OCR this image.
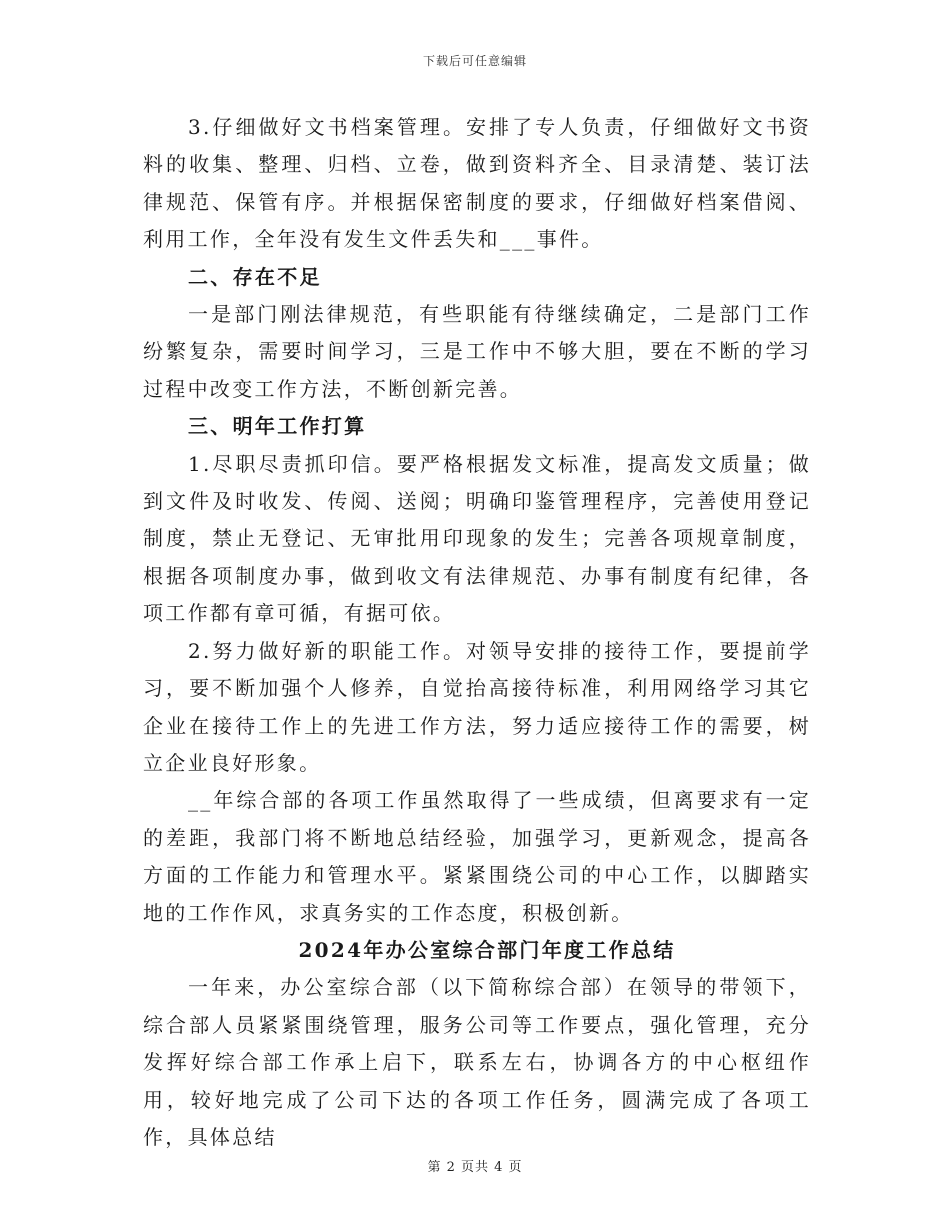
下载后可任意编辑

3.仔细做好文书档案管理。安排了专人负责，仔细做好文书资料的收集、整理、归档、立卷，做到资料齐全、目录清楚、装订法律规范、保管有序。并根据保密制度的要求，仔细做好档案借阅、利用工作，全年没有发生文件丢失和___事件。

二、存在不足

一是部门刚法律规范，有些职能有待继续确定，二是部门工作纷繁复杂，需要时间学习，三是工作中不够大胆，要在不断的学习过程中改变工作方法，不断创新完善。

三、明年工作打算

1.尽职尽责抓印信。要严格根据发文标准，提高发文质量；做到文件及时收发、传阅、送阅；明确印鉴管理程序，完善使用登记制度，禁止无登记、无审批用印现象的发生；完善各项规章制度，根据各项制度办事，做到收文有法律规范、办事有制度有纪律，各项工作都有章可循，有据可依。

2.努力做好新的职能工作。对领导安排的接待工作，要提前学习，要不断加强个人修养，自觉抬高接待标准，利用网络学习其它企业在接待工作上的先进工作方法，努力适应接待工作的需要，树立企业良好形象。

__年综合部的各项工作虽然取得了一些成绩，但离要求有一定的差距，我部门将不断地总结经验，加强学习，更新观念，提高各方面的工作能力和管理水平。紧紧围绕公司的中心工作，以脚踏实地的工作作风，求真务实的工作态度，积极创新。

2024年办公室综合部门年度工作总结

一年来，办公室综合部（以下简称综合部）在领导的带领下，综合部人员紧紧围绕管理，服务公司等工作要点，强化管理，充分发挥好综合部工作承上启下，联系左右，协调各方的中心枢纽作用，较好地完成了公司下达的各项工作任务，圆满完成了各项工作，具体总结

第 2 页共 4 页
